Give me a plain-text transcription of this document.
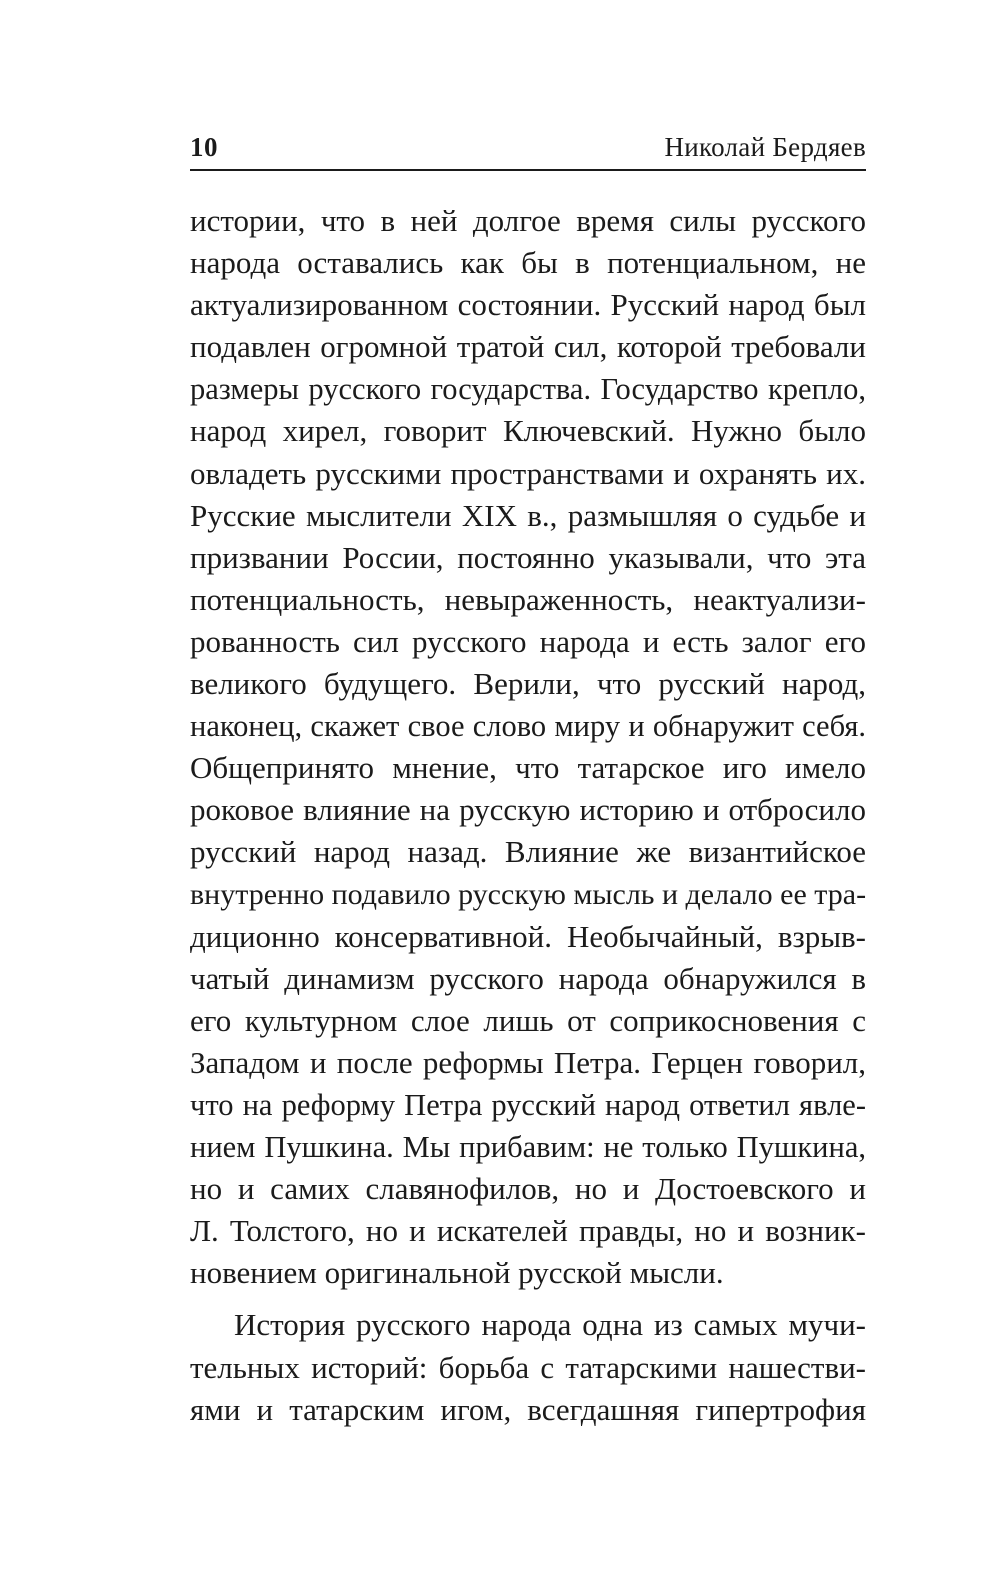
10	Николай Бердяев
истории, что в ней долгое время силы русского
народа оставались как бы в потенциальном, не
актуализированном состоянии. Русский народ был
подавлен огромной тратой сил, которой требовали
размеры русского государства. Государство крепло,
народ хирел, говорит Ключевский. Нужно было
овладеть русскими пространствами и охранять их.
Русские мыслители XIX в., размышляя о судьбе и
призвании России, постоянно указывали, что эта
потенциальность, невыраженность, неактуализи-
рованность сил русского народа и есть залог его
великого будущего. Верили, что русский народ,
наконец, скажет свое слово миру и обнаружит себя.
Общепринято мнение, что татарское иго имело
роковое влияние на русскую историю и отбросило
русский народ назад. Влияние же византийское
внутренно подавило русскую мысль и делало ее тра-
диционно консервативной. Необычайный, взрыв-
чатый динамизм русского народа обнаружился в
его культурном слое лишь от соприкосновения с
Западом и после реформы Петра. Герцен говорил,
что на реформу Петра русский народ ответил явле-
нием Пушкина. Мы прибавим: не только Пушкина,
но и самих славянофилов, но и Достоевского и
Л. Толстого, но и искателей правды, но и возник-
новением оригинальной русской мысли.
История русского народа одна из самых мучи-
тельных историй: борьба с татарскими нашестви-
ями и татарским игом, всегдашняя гипертрофия
